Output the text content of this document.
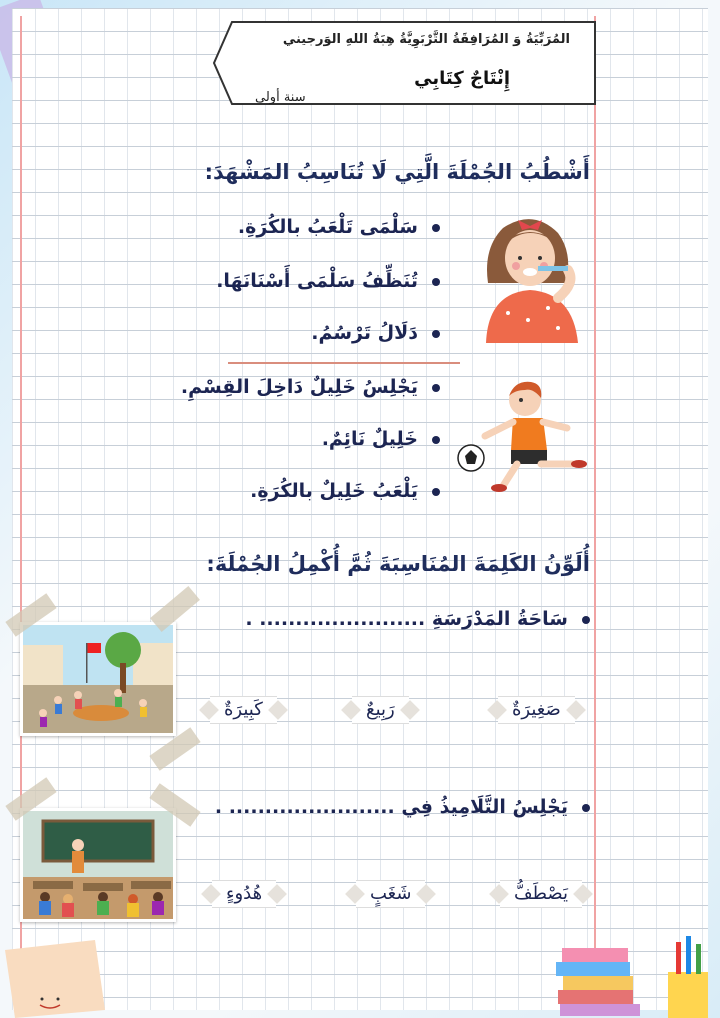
المُرَبِّيَةُ وَ المُرَافِقَةُ التَّرْبَوِيَّةُ هِبَةُ اللهِ الوَرجيني
إِنْتَاجٌ كِتَابِي
سنة أولى
أَشْطُبُ الجُمْلَةَ الَّتِي لَا تُنَاسِبُ المَشْهَدَ:
سَلْمَى تَلْعَبُ بالكُرَةِ.
تُنَظِّفُ سَلْمَى أَسْنَانَهَا.
دَلَالُ تَرْسُمُ.
يَجْلِسُ خَلِيلٌ دَاخِلَ القِسْمِ.
خَلِيلٌ نَائِمٌ.
يَلْعَبُ خَلِيلٌ بالكُرَةِ.
أُلَوِّنُ الكَلِمَةَ المُنَاسِبَةَ ثُمَّ أُكْمِلُ الجُمْلَةَ:
سَاحَةُ المَدْرَسَةِ ....................... .
صَغِيرَةٌ
رَبِيعٌ
كَبِيرَةٌ
يَجْلِسُ التَّلَامِيذُ فِي ....................... .
يَصْطَفُّ
شَغَبٍ
هُدُوءٍ
